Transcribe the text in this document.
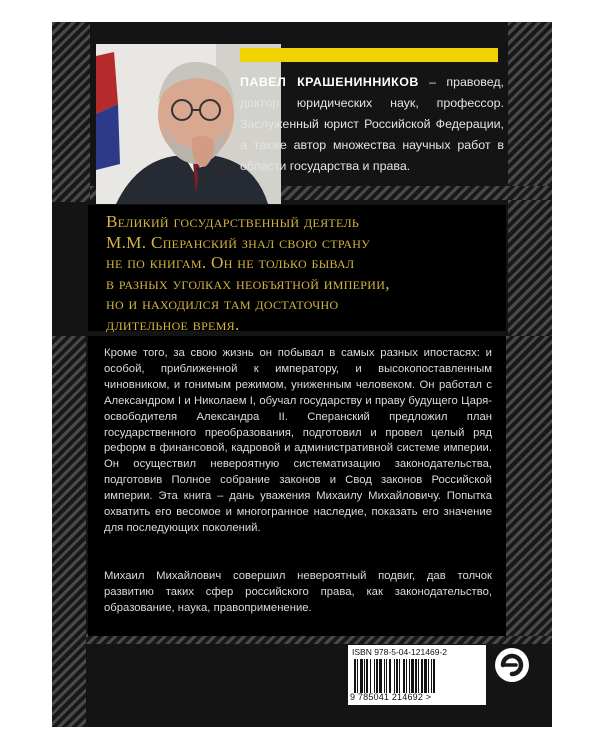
ПАВЕЛ КРАШЕНИННИКОВ – правовед, доктор юридических наук, профессор. Заслуженный юрист Российской Федерации, а также автор множества научных работ в области государства и права.
Великий государственный деятель
М.М. Сперанский знал свою страну
не по книгам. Он не только бывал
в разных уголках необъятной империи,
но и находился там достаточно
длительное время.
Кроме того, за свою жизнь он побывал в самых разных ипостасях: и особой, приближенной к императору, и высокопоставленным чиновником, и гонимым режимом, униженным человеком. Он работал с Александром I и Николаем I, обучал государству и праву будущего Царя-освободителя Александра II. Сперанский предложил план государственного преобразования, подготовил и провел целый ряд реформ в финансовой, кадровой и административной системе империи. Он осуществил невероятную систематизацию законодательства, подготовив Полное собрание законов и Свод законов Российской империи. Эта книга – дань уважения Михаилу Михайловичу. Попытка охватить его весомое и многогранное наследие, показать его значение для последующих поколений.
Михаил Михайлович совершил невероятный подвиг, дав толчок развитию таких сфер российского права, как законодательство, образование, наука, правоприменение.
ISBN 978-5-04-121469-2
9 785041 214692 >
